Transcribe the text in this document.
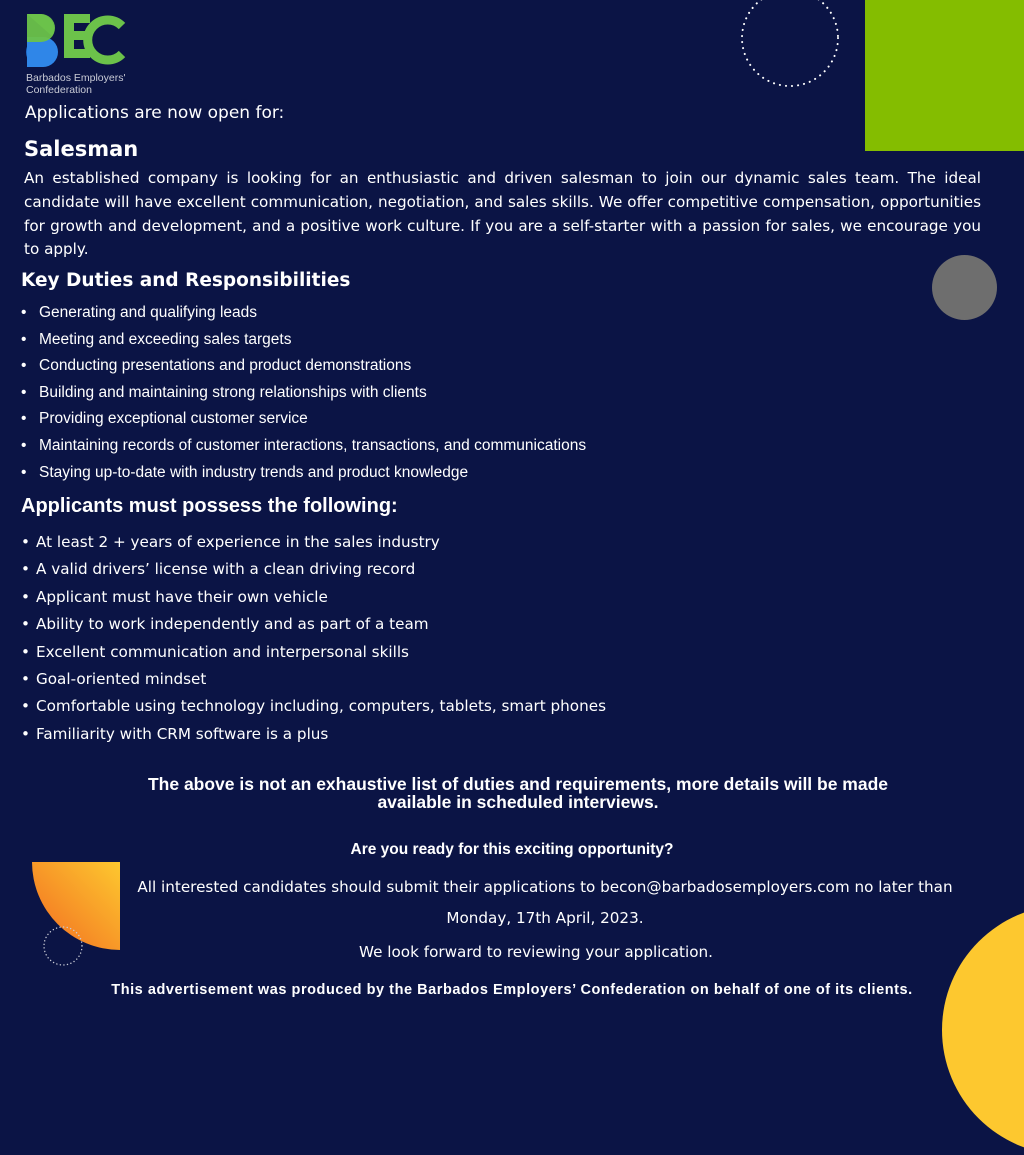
Barbados Employers'
Confederation
Applications are now open for:
Salesman
An established company is looking for an enthusiastic and driven salesman to join our dynamic sales team. The ideal candidate will have excellent communication, negotiation, and sales skills. We offer competitive compensation, opportunities for growth and development, and a positive work culture. If you are a self-starter with a passion for sales, we encourage you to apply.
Key Duties and Responsibilities
• Generating and qualifying leads
• Meeting and exceeding sales targets
• Conducting presentations and product demonstrations
• Building and maintaining strong relationships with clients
• Providing exceptional customer service
• Maintaining records of customer interactions, transactions, and communications
• Staying up-to-date with industry trends and product knowledge
Applicants must possess the following:
• At least 2 + years of experience in the sales industry
• A valid drivers’ license with a clean driving record
• Applicant must have their own vehicle
• Ability to work independently and as part of a team
• Excellent communication and interpersonal skills
• Goal-oriented mindset
• Comfortable using technology including, computers, tablets, smart phones
• Familiarity with CRM software is a plus
The above is not an exhaustive list of duties and requirements, more details will be made
available in scheduled interviews.
Are you ready for this exciting opportunity?
All interested candidates should submit their applications to becon@barbadosemployers.com no later than
Monday, 17th April, 2023.
We look forward to reviewing your application.
This advertisement was produced by the Barbados Employers’ Confederation on behalf of one of its clients.
